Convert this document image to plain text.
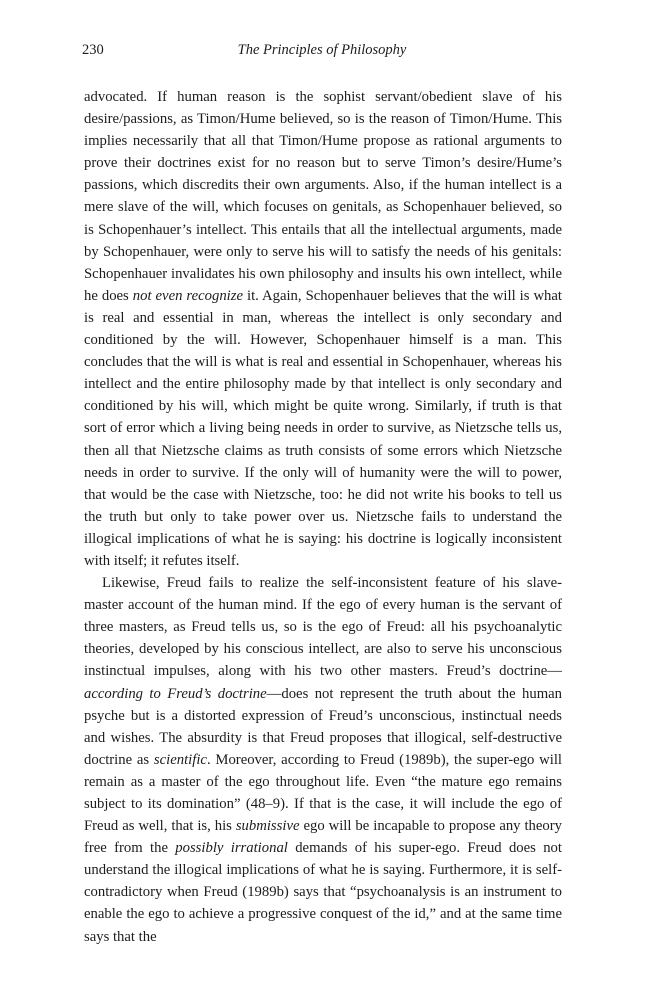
230	The Principles of Philosophy

advocated. If human reason is the sophist servant/obedient slave of his desire/passions, as Timon/Hume believed, so is the reason of Timon/Hume. This implies necessarily that all that Timon/Hume propose as rational arguments to prove their doctrines exist for no reason but to serve Timon’s desire/Hume’s passions, which discredits their own arguments. Also, if the human intellect is a mere slave of the will, which focuses on genitals, as Schopenhauer believed, so is Schopenhauer’s intellect. This entails that all the intellectual arguments, made by Schopenhauer, were only to serve his will to satisfy the needs of his genitals: Schopenhauer invalidates his own philosophy and insults his own intellect, while he does not even recognize it. Again, Schopenhauer believes that the will is what is real and essential in man, whereas the intellect is only secondary and conditioned by the will. However, Schopenhauer himself is a man. This concludes that the will is what is real and essential in Schopenhauer, whereas his intellect and the entire philosophy made by that intellect is only secondary and conditioned by his will, which might be quite wrong. Similarly, if truth is that sort of error which a living being needs in order to survive, as Nietzsche tells us, then all that Nietzsche claims as truth consists of some errors which Nietzsche needs in order to survive. If the only will of humanity were the will to power, that would be the case with Nietzsche, too: he did not write his books to tell us the truth but only to take power over us. Nietzsche fails to understand the illogical implications of what he is saying: his doctrine is logically inconsistent with itself; it refutes itself.

Likewise, Freud fails to realize the self-inconsistent feature of his slave-master account of the human mind. If the ego of every human is the servant of three masters, as Freud tells us, so is the ego of Freud: all his psychoanalytic theories, developed by his conscious intellect, are also to serve his unconscious instinctual impulses, along with his two other masters. Freud’s doctrine—according to Freud’s doctrine—does not represent the truth about the human psyche but is a distorted expression of Freud’s unconscious, instinctual needs and wishes. The absurdity is that Freud proposes that illogical, self-destructive doctrine as scientific. Moreover, according to Freud (1989b), the super-ego will remain as a master of the ego throughout life. Even “the mature ego remains subject to its domination” (48–9). If that is the case, it will include the ego of Freud as well, that is, his submissive ego will be incapable to propose any theory free from the possibly irrational demands of his super-ego. Freud does not understand the illogical implications of what he is saying. Furthermore, it is self-contradictory when Freud (1989b) says that “psychoanalysis is an instrument to enable the ego to achieve a progressive conquest of the id,” and at the same time says that the
